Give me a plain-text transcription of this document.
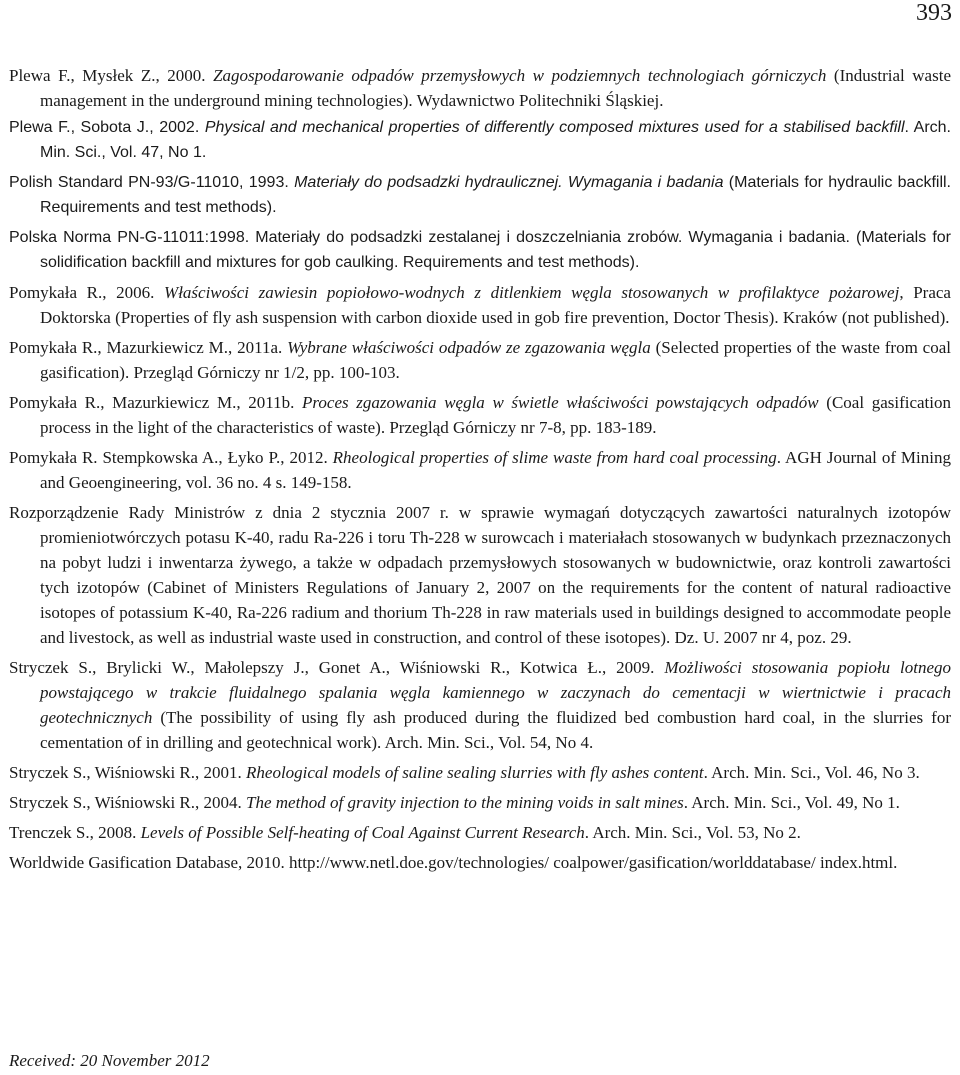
393

Plewa F., Mysłek Z., 2000. Zagospodarowanie odpadów przemysłowych w podziemnych technologiach górniczych (Industrial waste management in the underground mining technologies). Wydawnictwo Politechniki Śląskiej.

Plewa F., Sobota J., 2002. Physical and mechanical properties of differently composed mixtures used for a stabilised backfill. Arch. Min. Sci., Vol. 47, No 1.

Polish Standard PN-93/G-11010, 1993. Materiały do podsadzki hydraulicznej. Wymagania i badania (Materials for hydraulic backfill. Requirements and test methods).

Polska Norma PN-G-11011:1998. Materiały do podsadzki zestalanej i doszczelniania zrobów. Wymagania i badania. (Materials for solidification backfill and mixtures for gob caulking. Requirements and test methods).

Pomykała R., 2006. Właściwości zawiesin popiołowo-wodnych z ditlenkiem węgla stosowanych w profilaktyce pożarowej, Praca Doktorska (Properties of fly ash suspension with carbon dioxide used in gob fire prevention, Doctor Thesis). Kraków (not published).

Pomykała R., Mazurkiewicz M., 2011a. Wybrane właściwości odpadów ze zgazowania węgla (Selected properties of the waste from coal gasification). Przegląd Górniczy nr 1/2, pp. 100-103.

Pomykała R., Mazurkiewicz M., 2011b. Proces zgazowania węgla w świetle właściwości powstających odpadów (Coal gasification process in the light of the characteristics of waste). Przegląd Górniczy nr 7-8, pp. 183-189.

Pomykała R. Stempkowska A., Łyko P., 2012. Rheological properties of slime waste from hard coal processing. AGH Journal of Mining and Geoengineering, vol. 36 no. 4 s. 149-158.

Rozporządzenie Rady Ministrów z dnia 2 stycznia 2007 r. w sprawie wymagań dotyczących zawartości naturalnych izotopów promieniotwórczych potasu K-40, radu Ra-226 i toru Th-228 w surowcach i materiałach stosowanych w budynkach przeznaczonych na pobyt ludzi i inwentarza żywego, a także w odpadach przemysłowych stosowanych w budownictwie, oraz kontroli zawartości tych izotopów (Cabinet of Ministers Regulations of January 2, 2007 on the requirements for the content of natural radioactive isotopes of potassium K-40, Ra-226 radium and thorium Th-228 in raw materials used in buildings designed to accommodate people and livestock, as well as industrial waste used in construction, and control of these isotopes). Dz. U. 2007 nr 4, poz. 29.

Stryczek S., Brylicki W., Małolepszy J., Gonet A., Wiśniowski R., Kotwica Ł., 2009. Możliwości stosowania popiołu lotnego powstającego w trakcie fluidalnego spalania węgla kamiennego w zaczynach do cementacji w wiertnictwie i pracach geotechnicznych (The possibility of using fly ash produced during the fluidized bed combustion hard coal, in the slurries for cementation of in drilling and geotechnical work). Arch. Min. Sci., Vol. 54, No 4.

Stryczek S., Wiśniowski R., 2001. Rheological models of saline sealing slurries with fly ashes content. Arch. Min. Sci., Vol. 46, No 3.

Stryczek S., Wiśniowski R., 2004. The method of gravity injection to the mining voids in salt mines. Arch. Min. Sci., Vol. 49, No 1.

Trenczek S., 2008. Levels of Possible Self-heating of Coal Against Current Research. Arch. Min. Sci., Vol. 53, No 2.

Worldwide Gasification Database, 2010. http://www.netl.doe.gov/technologies/ coalpower/gasification/worlddatabase/ index.html.

Received: 20 November 2012
